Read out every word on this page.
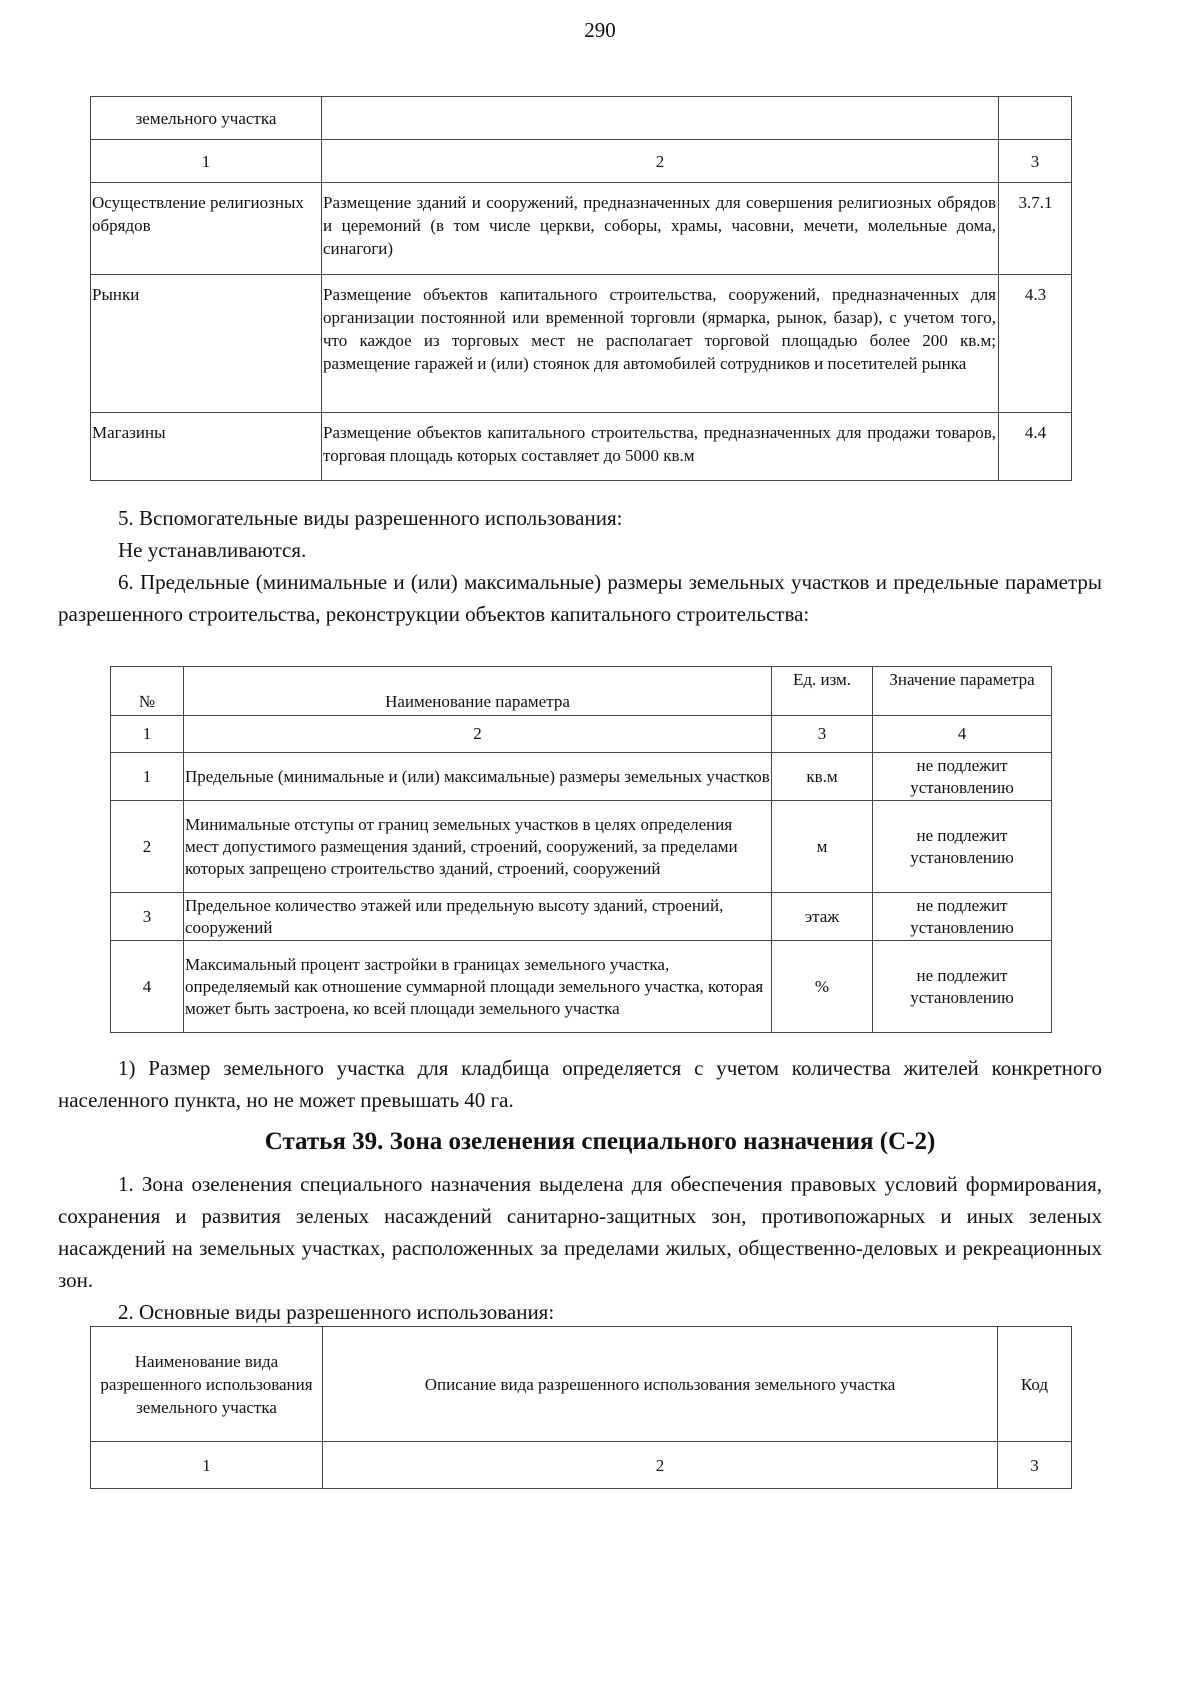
290
земельного участка		
1	2	3
Осуществление религиозных обрядов	Размещение зданий и сооружений, предназначенных для совершения религиозных обрядов и церемоний (в том числе церкви, соборы, храмы, часовни, мечети, молельные дома, синагоги)	3.7.1
Рынки	Размещение объектов капитального строительства, сооружений, предназначенных для организации постоянной или временной торговли (ярмарка, рынок, базар), с учетом того, что каждое из торговых мест не располагает торговой площадью более 200 кв.м; размещение гаражей и (или) стоянок для автомобилей сотрудников и посетителей рынка	4.3
Магазины	Размещение объектов капитального строительства, предназначенных для продажи товаров, торговая площадь которых составляет до 5000 кв.м	4.4
5. Вспомогательные виды разрешенного использования:
Не устанавливаются.
6. Предельные (минимальные и (или) максимальные) размеры земельных участков и предельные параметры разрешенного строительства, реконструкции объектов капитального строительства:
№	Наименование параметра	Ед. изм.	Значение параметра
1	2	3	4
1	Предельные (минимальные и (или) максимальные) размеры земельных участков	кв.м	не подлежит установлению
2	Минимальные отступы от границ земельных участков в целях определения мест допустимого размещения зданий, строений, сооружений, за пределами которых запрещено строительство зданий, строений, сооружений	м	не подлежит установлению
3	Предельное количество этажей или предельную высоту зданий, строений, сооружений	этаж	не подлежит установлению
4	Максимальный процент застройки в границах земельного участка, определяемый как отношение суммарной площади земельного участка, которая может быть застроена, ко всей площади земельного участка	%	не подлежит установлению
1) Размер земельного участка для кладбища определяется с учетом количества жителей конкретного населенного пункта, но не может превышать 40 га.
Статья 39. Зона озеленения специального назначения (С-2)
1. Зона озеленения специального назначения выделена для обеспечения правовых условий формирования, сохранения и развития зеленых насаждений санитарно-защитных зон, противопожарных и иных зеленых насаждений на земельных участках, расположенных за пределами жилых, общественно-деловых и рекреационных зон.
2. Основные виды разрешенного использования:
Наименование вида разрешенного использования земельного участка	Описание вида разрешенного использования земельного участка	Код
1	2	3
